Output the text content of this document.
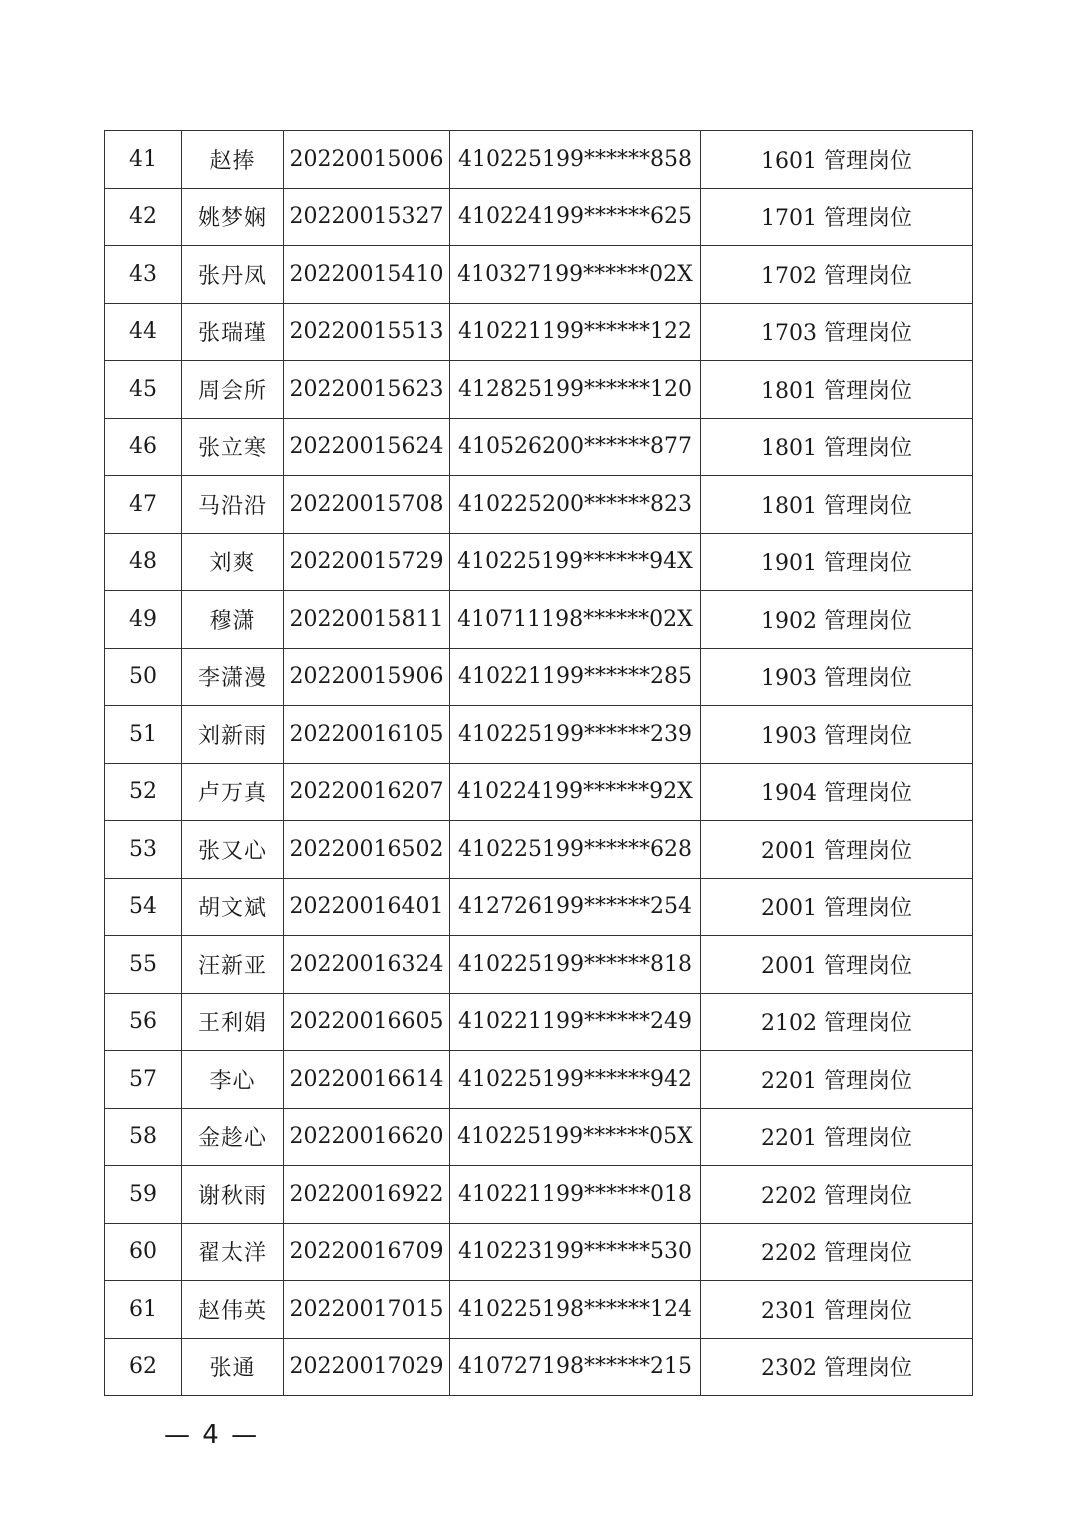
41	赵捧	20220015006	410225199******858	1601 管理岗位
42	姚梦娴	20220015327	410224199******625	1701 管理岗位
43	张丹凤	20220015410	410327199******02X	1702 管理岗位
44	张瑞瑾	20220015513	410221199******122	1703 管理岗位
45	周会所	20220015623	412825199******120	1801 管理岗位
46	张立寒	20220015624	410526200******877	1801 管理岗位
47	马沿沿	20220015708	410225200******823	1801 管理岗位
48	刘爽	20220015729	410225199******94X	1901 管理岗位
49	穆潇	20220015811	410711198******02X	1902 管理岗位
50	李潇漫	20220015906	410221199******285	1903 管理岗位
51	刘新雨	20220016105	410225199******239	1903 管理岗位
52	卢万真	20220016207	410224199******92X	1904 管理岗位
53	张又心	20220016502	410225199******628	2001 管理岗位
54	胡文斌	20220016401	412726199******254	2001 管理岗位
55	汪新亚	20220016324	410225199******818	2001 管理岗位
56	王利娟	20220016605	410221199******249	2102 管理岗位
57	李心	20220016614	410225199******942	2201 管理岗位
58	金趁心	20220016620	410225199******05X	2201 管理岗位
59	谢秋雨	20220016922	410221199******018	2202 管理岗位
60	翟太洋	20220016709	410223199******530	2202 管理岗位
61	赵伟英	20220017015	410225198******124	2301 管理岗位
62	张通	20220017029	410727198******215	2302 管理岗位
— 4 —
